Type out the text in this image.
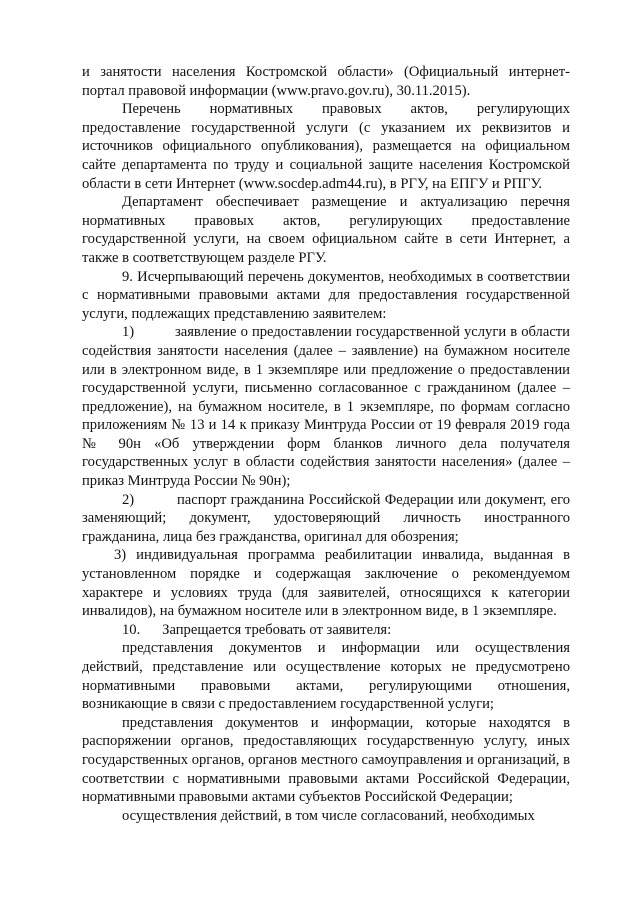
и занятости населения Костромской области» (Официальный интернет-портал правовой информации (www.pravo.gov.ru), 30.11.2015).

Перечень нормативных правовых актов, регулирующих предоставление государственной услуги (с указанием их реквизитов и источников официального опубликования), размещается на официальном сайте департамента по труду и социальной защите населения Костромской области в сети Интернет (www.socdep.adm44.ru), в РГУ, на ЕПГУ и РПГУ.

Департамент обеспечивает размещение и актуализацию перечня нормативных правовых актов, регулирующих предоставление государственной услуги, на своем официальном сайте в сети Интернет, а также в соответствующем разделе РГУ.

9. Исчерпывающий перечень документов, необходимых в соответствии с нормативными правовыми актами для предоставления государственной услуги, подлежащих представлению заявителем:

1)          заявление о предоставлении государственной услуги в области содействия занятости населения (далее – заявление) на бумажном носителе или в электронном виде, в 1 экземпляре или предложение о предоставлении государственной услуги, письменно согласованное с гражданином (далее – предложение), на бумажном носителе, в 1 экземпляре, по формам согласно приложениям № 13 и 14 к приказу Минтруда России от 19 февраля 2019 года № 90н «Об утверждении форм бланков личного дела получателя государственных услуг в области содействия занятости населения» (далее – приказ Минтруда России № 90н);

2)          паспорт гражданина Российской Федерации или документ, его заменяющий; документ, удостоверяющий личность иностранного гражданина, лица без гражданства, оригинал для обозрения;

3) индивидуальная программа реабилитации инвалида, выданная в установленном порядке и содержащая заключение о рекомендуемом характере и условиях труда (для заявителей, относящихся к категории инвалидов), на бумажном носителе или в электронном виде, в 1 экземпляре.

10.      Запрещается требовать от заявителя:

представления документов и информации или осуществления действий, представление или осуществление которых не предусмотрено нормативными правовыми актами, регулирующими отношения, возникающие в связи с предоставлением государственной услуги;

представления документов и информации, которые находятся в распоряжении органов, предоставляющих государственную услугу, иных государственных органов, органов местного самоуправления и организаций, в соответствии с нормативными правовыми актами Российской Федерации, нормативными правовыми актами субъектов Российской Федерации;

осуществления действий, в том числе согласований, необходимых
